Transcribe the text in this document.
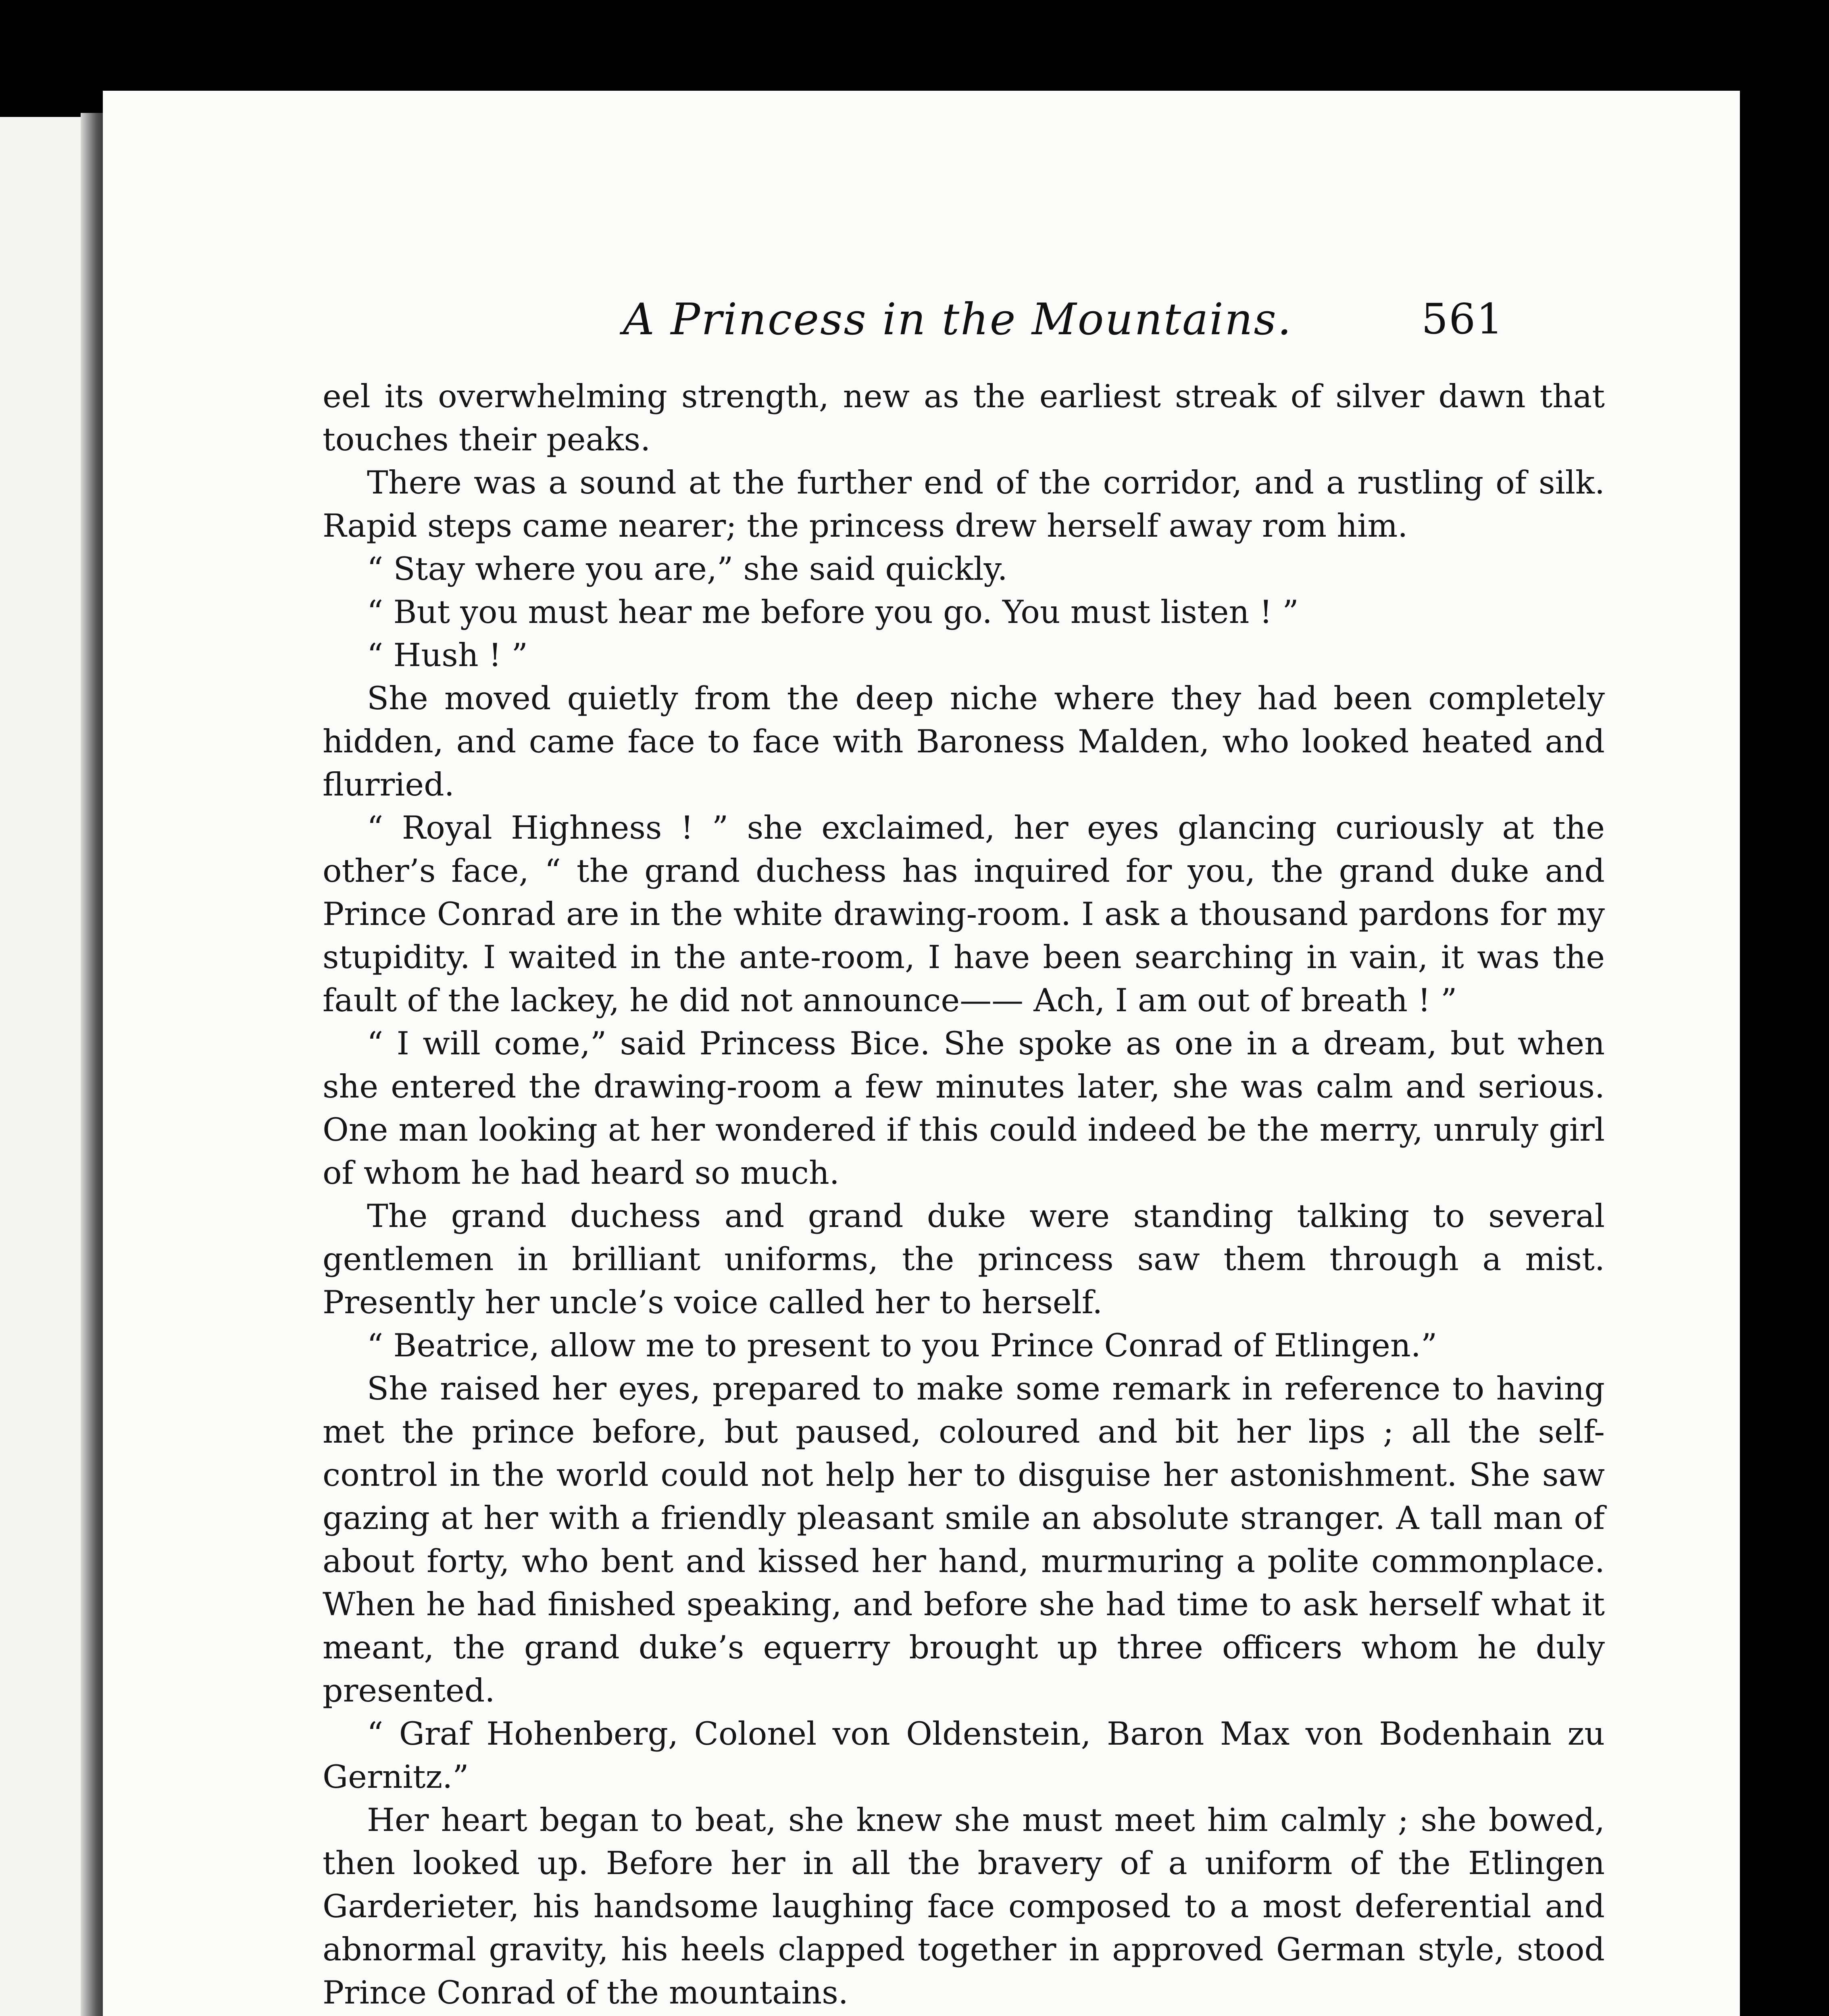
A Princess in the Mountains.	561

eel its overwhelming strength, new as the earliest streak of silver dawn that touches their peaks.

There was a sound at the further end of the corridor, and a rustling of silk. Rapid steps came nearer; the princess drew herself away rom him.

“ Stay where you are,” she said quickly.

“ But you must hear me before you go. You must listen ! ”

“ Hush ! ”

She moved quietly from the deep niche where they had been completely hidden, and came face to face with Baroness Malden, who looked heated and flurried.

“ Royal Highness ! ” she exclaimed, her eyes glancing curiously at the other’s face, “ the grand duchess has inquired for you, the grand duke and Prince Conrad are in the white drawing-room. I ask a thousand pardons for my stupidity. I waited in the ante-room, I have been searching in vain, it was the fault of the lackey, he did not announce—— Ach, I am out of breath ! ”

“ I will come,” said Princess Bice. She spoke as one in a dream, but when she entered the drawing-room a few minutes later, she was calm and serious. One man looking at her wondered if this could indeed be the merry, unruly girl of whom he had heard so much.

The grand duchess and grand duke were standing talking to several gentlemen in brilliant uniforms, the princess saw them through a mist. Presently her uncle’s voice called her to herself.

“ Beatrice, allow me to present to you Prince Conrad of Etlingen.”

She raised her eyes, prepared to make some remark in reference to having met the prince before, but paused, coloured and bit her lips ; all the self-control in the world could not help her to disguise her astonishment. She saw gazing at her with a friendly pleasant smile an absolute stranger. A tall man of about forty, who bent and kissed her hand, murmuring a polite commonplace. When he had finished speaking, and before she had time to ask herself what it meant, the grand duke’s equerry brought up three officers whom he duly presented.

“ Graf Hohenberg, Colonel von Oldenstein, Baron Max von Bodenhain zu Gernitz.”

Her heart began to beat, she knew she must meet him calmly ; she bowed, then looked up. Before her in all the bravery of a uniform of the Etlingen Garderieter, his handsome laughing face composed to a most deferential and abnormal gravity, his heels clapped together in approved German style, stood Prince Conrad of the mountains.
